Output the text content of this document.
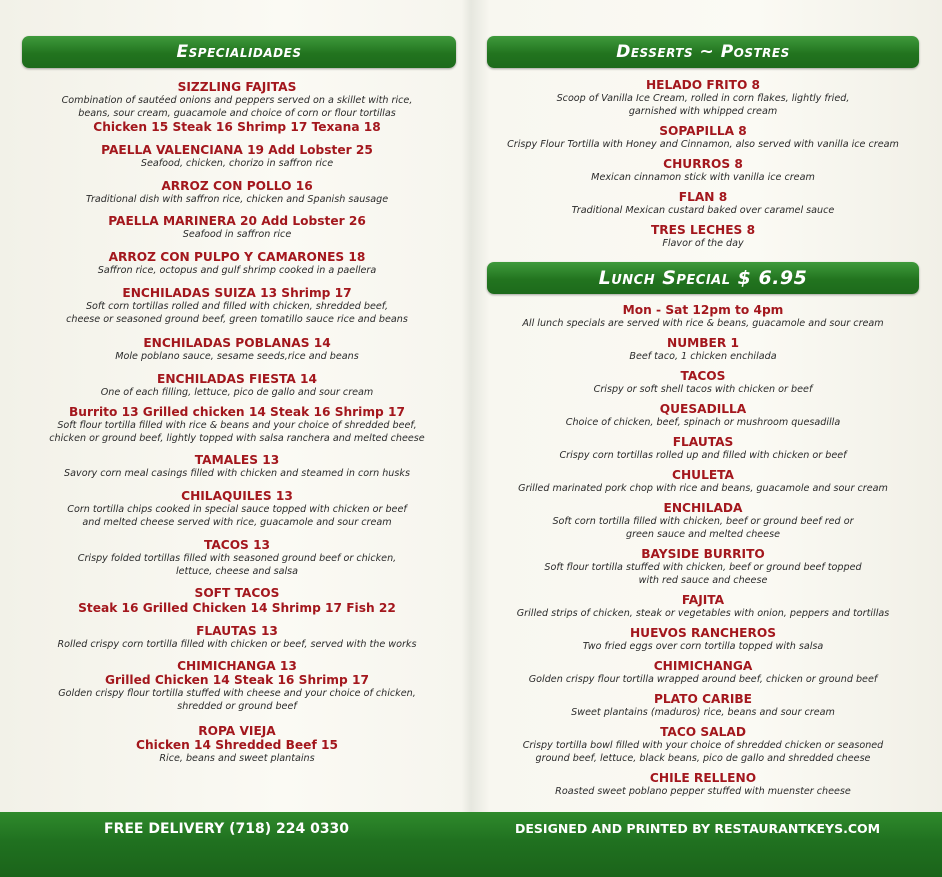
Especialidades	Desserts ~ Postres
Lunch Special $ 6.95
SIZZLING FAJITAS
Combination of sautéed onions and peppers served on a skillet with rice,
beans, sour cream, guacamole and choice of corn or flour tortillas
Chicken 15 Steak 16 Shrimp 17 Texana 18
PAELLA VALENCIANA 19 Add Lobster 25
Seafood, chicken, chorizo in saffron rice
ARROZ CON POLLO 16
Traditional dish with saffron rice, chicken and Spanish sausage
PAELLA MARINERA 20 Add Lobster 26
Seafood in saffron rice
ARROZ CON PULPO Y CAMARONES 18
Saffron rice, octopus and gulf shrimp cooked in a paellera
ENCHILADAS SUIZA 13 Shrimp 17
Soft corn tortillas rolled and filled with chicken, shredded beef,
cheese or seasoned ground beef, green tomatillo sauce rice and beans
ENCHILADAS POBLANAS 14
Mole poblano sauce, sesame seeds,rice and beans
ENCHILADAS FIESTA 14
One of each filling, lettuce, pico de gallo and sour cream
Burrito 13 Grilled chicken 14 Steak 16 Shrimp 17
Soft flour tortilla filled with rice & beans and your choice of shredded beef,
chicken or ground beef, lightly topped with salsa ranchera and melted cheese
TAMALES 13
Savory corn meal casings filled with chicken and steamed in corn husks
CHILAQUILES 13
Corn tortilla chips cooked in special sauce topped with chicken or beef
and melted cheese served with rice, guacamole and sour cream
TACOS 13
Crispy folded tortillas filled with seasoned ground beef or chicken,
lettuce, cheese and salsa
SOFT TACOS
Steak 16 Grilled Chicken 14 Shrimp 17 Fish 22
FLAUTAS 13
Rolled crispy corn tortilla filled with chicken or beef, served with the works
CHIMICHANGA 13
Grilled Chicken 14 Steak 16 Shrimp 17
Golden crispy flour tortilla stuffed with cheese and your choice of chicken,
shredded or ground beef
ROPA VIEJA
Chicken 14 Shredded Beef 15
Rice, beans and sweet plantains
HELADO FRITO 8
Scoop of Vanilla Ice Cream, rolled in corn flakes, lightly fried,
garnished with whipped cream
SOPAPILLA 8
Crispy Flour Tortilla with Honey and Cinnamon, also served with vanilla ice cream
CHURROS 8
Mexican cinnamon stick with vanilla ice cream
FLAN 8
Traditional Mexican custard baked over caramel sauce
TRES LECHES 8
Flavor of the day
Mon - Sat 12pm to 4pm
All lunch specials are served with rice & beans, guacamole and sour cream
NUMBER 1
Beef taco, 1 chicken enchilada
TACOS
Crispy or soft shell tacos with chicken or beef
QUESADILLA
Choice of chicken, beef, spinach or mushroom quesadilla
FLAUTAS
Crispy corn tortillas rolled up and filled with chicken or beef
CHULETA
Grilled marinated pork chop with rice and beans, guacamole and sour cream
ENCHILADA
Soft corn tortilla filled with chicken, beef or ground beef red or
green sauce and melted cheese
BAYSIDE BURRITO
Soft flour tortilla stuffed with chicken, beef or ground beef topped
with red sauce and cheese
FAJITA
Grilled strips of chicken, steak or vegetables with onion, peppers and tortillas
HUEVOS RANCHEROS
Two fried eggs over corn tortilla topped with salsa
CHIMICHANGA
Golden crispy flour tortilla wrapped around beef, chicken or ground beef
PLATO CARIBE
Sweet plantains (maduros) rice, beans and sour cream
TACO SALAD
Crispy tortilla bowl filled with your choice of shredded chicken or seasoned
ground beef, lettuce, black beans, pico de gallo and shredded cheese
CHILE RELLENO
Roasted sweet poblano pepper stuffed with muenster cheese
FREE DELIVERY (718) 224 0330	DESIGNED AND PRINTED BY RESTAURANTKEYS.COM
